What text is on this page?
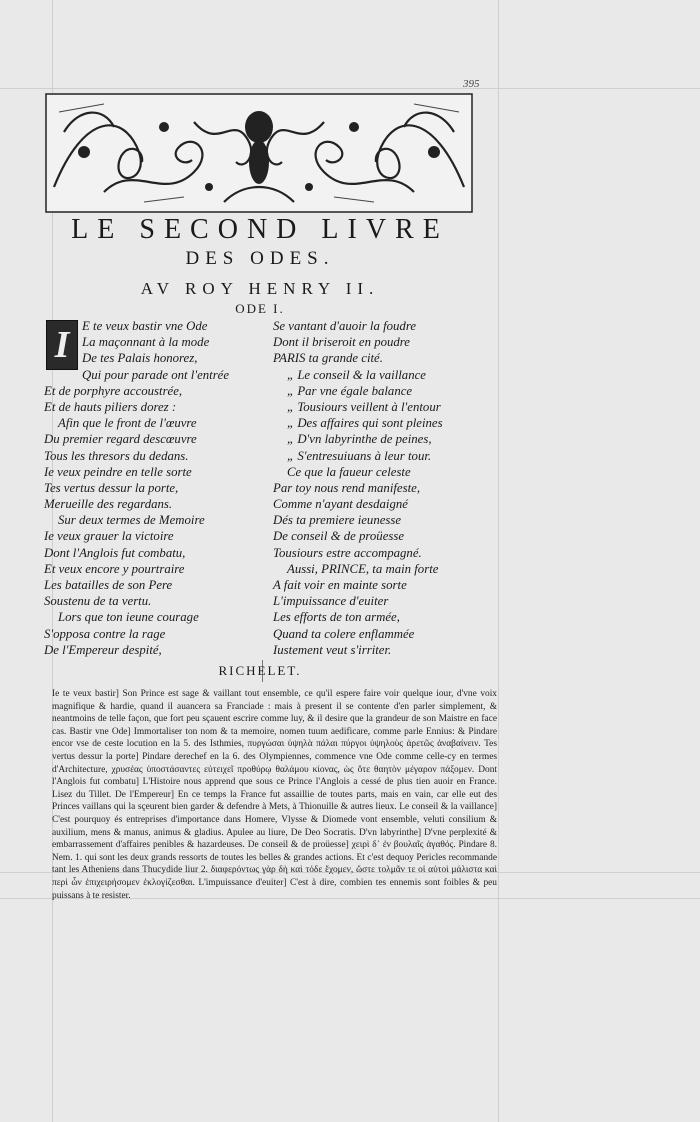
395
LE SECOND LIVRE
DES ODES.
AV ROY HENRY II.
ODE I.
I E te veux bastir vne Ode
La maçonnant à la mode
De tes Palais honorez,
Qui pour parade ont l'entrée
Et de porphyre accoustrée,
Et de hauts piliers dorez :
Afin que le front de l'œuvre
Du premier regard descœuvre
Tous les thresors du dedans.
Ie veux peindre en telle sorte
Tes vertus dessur la porte,
Merueille des regardans.
Sur deux termes de Memoire
Ie veux grauer la victoire
Dont l'Anglois fut combatu,
Et veux encore y pourtraire
Les batailles de son Pere
Soustenu de ta vertu.
Lors que ton ieune courage
S'opposa contre la rage
De l'Empereur despité,
Se vantant d'auoir la foudre
Dont il briseroit en poudre
PARIS ta grande cité.
„ Le conseil & la vaillance
„ Par vne égale balance
„ Tousiours veillent à l'entour
„ Des affaires qui sont pleines
„ D'vn labyrinthe de peines,
„ S'entresuiuans à leur tour.
Ce que la faueur celeste
Par toy nous rend manifeste,
Comme n'ayant desdaigné
Dés ta premiere ieunesse
De conseil & de proüesse
Tousiours estre accompagné.
Aussi, PRINCE, ta main forte
A fait voir en mainte sorte
L'impuissance d'euiter
Les efforts de ton armée,
Quand ta colere enflammée
Iustement veut s'irriter.
RICHELET.

Ie te veux bastir] Son Prince est sage & vaillant tout ensemble, ce qu'il espere faire voir quelque iour, d'vne voix magnifique & hardie, quand il auancera sa Franciade : mais à present il se contente d'en parler simplement, & neantmoins de telle façon, que fort peu sçauent escrire comme luy, & il desire que la grandeur de son Maistre en face cas. Bastir vne Ode] Immortaliser ton nom & ta memoire, nomen tuum aedificare, comme parle Ennius: & Pindare encor vse de ceste locution en la 5. des Isthmies, πυργώσαι ὑψηλὰ πάλαι πύργοι ὑψηλοὺς ἀρετῶς ἀναβαίνειν. Tes vertus dessur la porte] Pindare derechef en la 6. des Olympiennes, commence vne Ode comme celle-cy en termes d'Architecture, χρυσέας ὑποστάσαντες εὐτειχεῖ προθύρῳ θαλάμου κίονας, ὡς ὅτε θαητὸν μέγαρον πάξομεν. Dont l'Anglois fut combatu] L'Histoire nous apprend que sous ce Prince l'Anglois a cessé de plus tien auoir en France. Lisez du Tillet. De l'Empereur] En ce temps la France fut assaillie de toutes parts, mais en vain, car elle eut des Princes vaillans qui la sçeurent bien garder & defendre à Mets, à Thionuille & autres lieux. Le conseil & la vaillance] C'est pourquoy és entreprises d'importance dans Homere, Vlysse & Diomede vont ensemble, veluti consilium & auxilium, mens & manus, animus & gladius. Apulee au liure, De Deo Socratis. D'vn labyrinthe] D'vne perplexité & embarrassement d'affaires penibles & hazardeuses. De conseil & de proüesse] χειρὶ δ᾽ ἐν βουλαῖς ἀγαθός. Pindare 8. Nem. 1. qui sont les deux grands ressorts de toutes les belles & grandes actions. Et c'est dequoy Pericles recommande tant les Atheniens dans Thucydide liur 2. διαφερόντως γὰρ δὴ καὶ τόδε ἔχομεν, ὥστε τολμᾶν τε οἱ αὐτοὶ μάλιστα καὶ περὶ ὧν ἐπιχειρήσομεν ἐκλογίζεσθαι. L'impuissance d'euiter] C'est à dire, combien tes ennemis sont foibles & peu puissans à te resister.
